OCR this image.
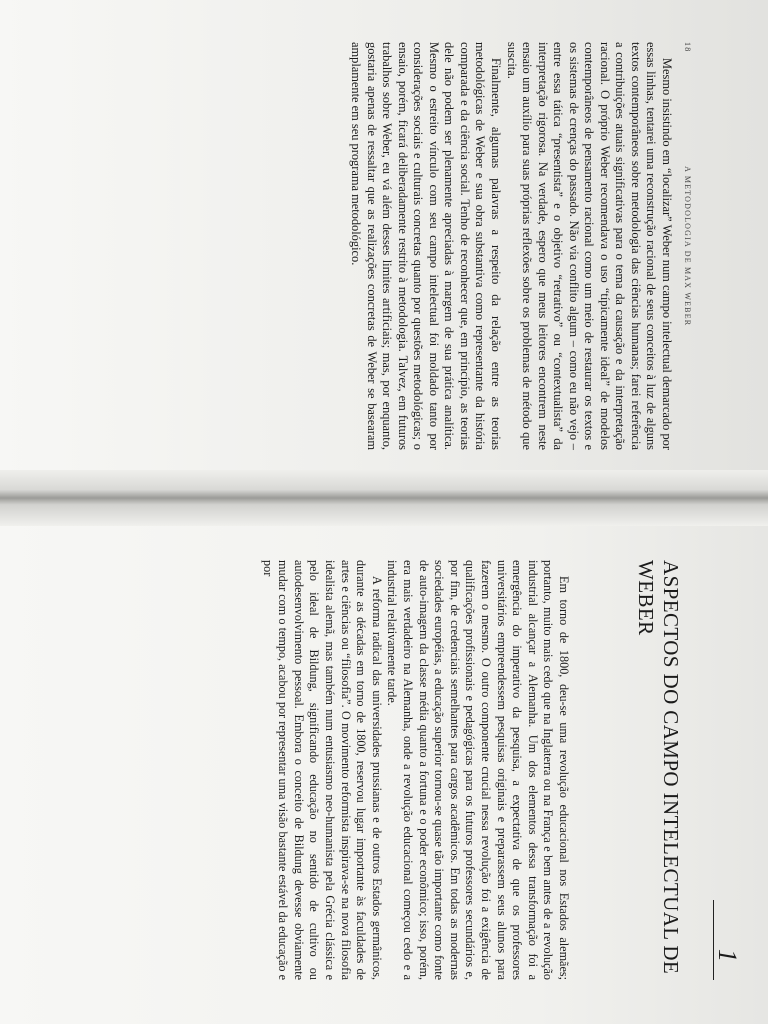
18
A METODOLOGIA DE MAX WEBER

Mesmo insistindo em “localizar” Weber num campo intelectual demarcado por essas linhas, tentarei uma reconstrução racional de seus conceitos à luz de alguns textos contemporâneos sobre metodologia das ciências humanas; farei referência a contribuições atuais significativas para o tema da causação e da interpretação racional. O próprio Weber recomendava o uso “típicamente ideal” de modelos contemporâneos de pensamento racional como um meio de restaurar os textos e os sistemas de crenças do passado. Não via conflito algum – como eu não vejo – entre essa tática “presentista” e o objetivo “retrativo” ou “contextualista” da interpretação rigorosa. Na verdade, espero que meus leitores encontrem neste ensaio um auxílio para suas próprias reflexões sobre os problemas de método que suscita.

Finalmente, algumas palavras a respeito da relação entre as teorias metodológicas de Weber e sua obra substantiva como representante da história comparada e da ciência social. Tenho de reconhecer que, em princípio, as teorias dele não podem ser plenamente apreciadas à margem de sua prática analítica. Mesmo o estreito vínculo com seu campo intelectual foi moldado tanto por considerações sociais e culturais concretas quanto por questões metodológicas; o ensaio, porém, ficará deliberadamente restrito à metodologia. Talvez, em futuros trabalhos sobre Weber, eu vá além desses limites artificiais; mas, por enquanto, gostaria apenas de ressaltar que as realizações concretas de Weber se basearam amplamente em seu programa metodológico.

1
ASPECTOS DO CAMPO INTELECTUAL DE WEBER

Em torno de 1800, deu-se uma revolução educacional nos Estados alemães; portanto, muito mais cedo que na Inglaterra ou na França e bem antes de a revolução industrial alcançar a Alemanha. Um dos elementos dessa transformação foi a emergência do imperativo da pesquisa, a expectativa de que os professores universitários empreendessem pesquisas originais e preparassem seus alunos para fazerem o mesmo. O outro componente crucial nessa revolução foi a exigência de qualificações profissionais e pedagógicas para os futuros professores secundários e, por fim, de credenciais semelhantes para cargos acadêmicos. Em todas as modernas sociedades européias, a educação superior tornou-se quase tão importante como fonte de auto-imagem da classe média quanto a fortuna e o poder econômico; isso, porém, era mais verdadeiro na Alemanha, onde a revolução educacional começou cedo e a industrial relativamente tarde.

A reforma radical das universidades prussianas e de outros Estados germânicos, durante as décadas em torno de 1800, reservou lugar importante às faculdades de artes e ciências ou “filosofia”. O movimento reformista inspirava-se na nova filosofia idealista alemã, mas também num entusiasmo neo-humanista pela Grécia clássica e pelo ideal de Bildung, significando educação no sentido de cultivo ou autodesenvolvimento pessoal. Embora o conceito de Bildung devesse obviamente mudar com o tempo, acabou por representar uma visão bastante estável da educação e por
